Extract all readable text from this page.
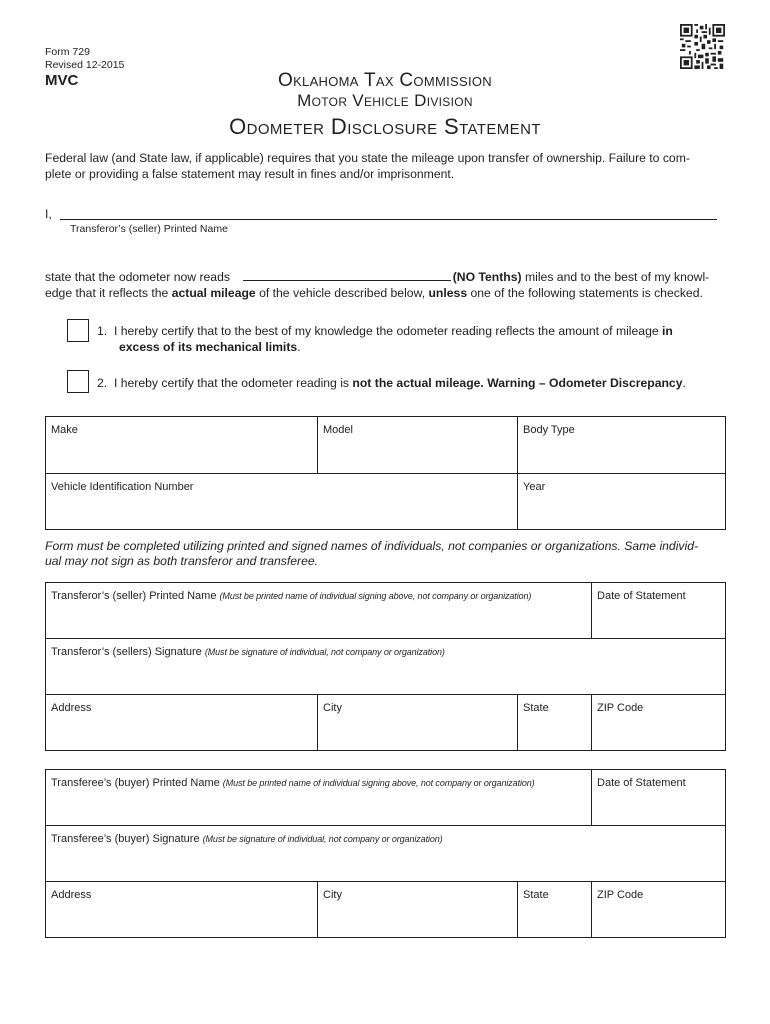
Form 729
Revised 12-2015
MVC	Oklahoma Tax Commission
Motor Vehicle Division
Odometer Disclosure Statement
Federal law (and State law, if applicable) requires that you state the mileage upon transfer of ownership. Failure to com-
plete or providing a false statement may result in fines and/or imprisonment.
I,
Transferor’s (seller) Printed Name
state that the odometer now reads	(NO Tenths) miles and to the best of my knowl-
edge that it reflects the actual mileage of the vehicle described below, unless one of the following statements is checked.
1. I hereby certify that to the best of my knowledge the odometer reading reflects the amount of mileage in
excess of its mechanical limits.
2. I hereby certify that the odometer reading is not the actual mileage. Warning – Odometer Discrepancy.
Make	Model	Body Type
Vehicle Identification Number		Year
Form must be completed utilizing printed and signed names of individuals, not companies or organizations. Same individ-
ual may not sign as both transferor and transferee.
Transferor’s (seller) Printed Name (Must be printed name of individual signing above, not company or organization)			Date of Statement
Transferor’s (sellers) Signature (Must be signature of individual, not company or organization)			
Address	City	State	ZIP Code
Transferee’s (buyer) Printed Name (Must be printed name of individual signing above, not company or organization)			Date of Statement
Transferee’s (buyer) Signature (Must be signature of individual, not company or organization)			
Address	City	State	ZIP Code
